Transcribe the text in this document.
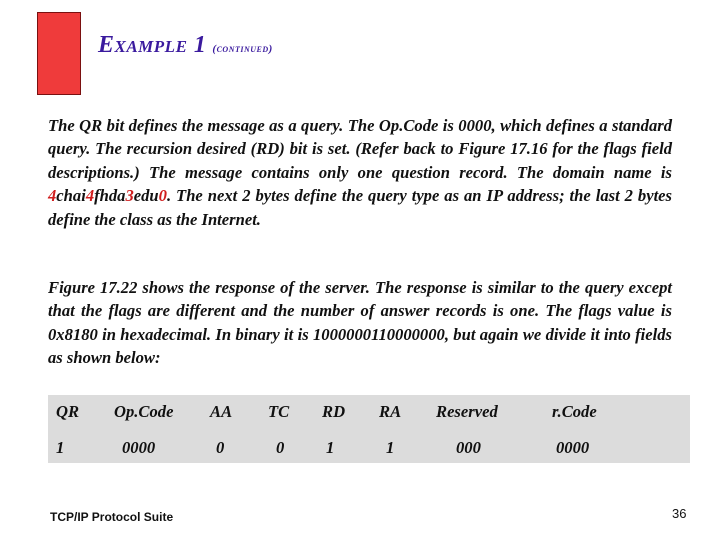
Example 1 (continued)

The QR bit defines the message as a query. The Op.Code is 0000, which defines a standard query. The recursion desired (RD) bit is set. (Refer back to Figure 17.16 for the flags field descriptions.) The message contains only one question record. The domain name is 4chai4fhda3edu0. The next 2 bytes define the query type as an IP address; the last 2 bytes define the class as the Internet.

Figure 17.22 shows the response of the server. The response is similar to the query except that the flags are different and the number of answer records is one. The flags value is 0x8180 in hexadecimal. In binary it is 1000000110000000, but again we divide it into fields as shown below:

QR Op.Code AA TC RD RA Reserved	r.Code
1	0000	0	0	1	1	000	0000
TCP/IP Protocol Suite	36
